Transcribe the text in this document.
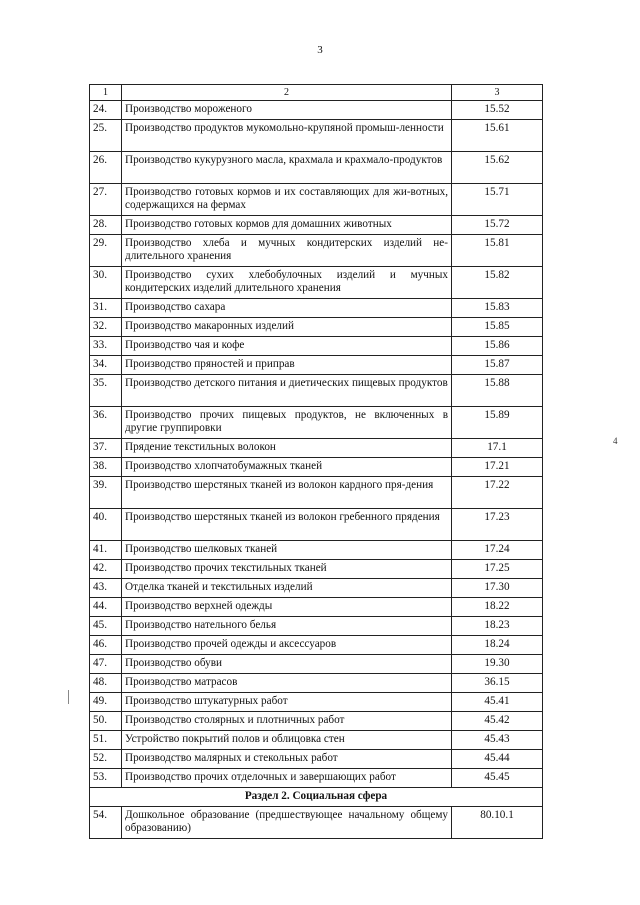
3
4
1	2	3
24.	Производство мороженого	15.52
25.	Производство продуктов мукомольно-крупяной промыш-ленности	15.61
26.	Производство кукурузного масла, крахмала и крахмало-продуктов	15.62
27.	Производство готовых кормов и их составляющих для жи-вотных, содержащихся на фермах	15.71
28.	Производство готовых кормов для домашних животных	15.72
29.	Производство хлеба и мучных кондитерских изделий не-длительного хранения	15.81
30.	Производство сухих хлебобулочных изделий и мучных кондитерских изделий длительного хранения	15.82
31.	Производство сахара	15.83
32.	Производство макаронных изделий	15.85
33.	Производство чая и кофе	15.86
34.	Производство пряностей и приправ	15.87
35.	Производство детского питания и диетических пищевых продуктов	15.88
36.	Производство прочих пищевых продуктов, не включенных в другие группировки	15.89
37.	Прядение текстильных волокон	17.1
38.	Производство хлопчатобумажных тканей	17.21
39.	Производство шерстяных тканей из волокон кардного пря-дения	17.22
40.	Производство шерстяных тканей из волокон гребенного прядения	17.23
41.	Производство шелковых тканей	17.24
42.	Производство прочих текстильных тканей	17.25
43.	Отделка тканей и текстильных изделий	17.30
44.	Производство верхней одежды	18.22
45.	Производство нательного белья	18.23
46.	Производство прочей одежды и аксессуаров	18.24
47.	Производство обуви	19.30
48.	Производство матрасов	36.15
49.	Производство штукатурных работ	45.41
50.	Производство столярных и плотничных работ	45.42
51.	Устройство покрытий полов и облицовка стен	45.43
52.	Производство малярных и стекольных работ	45.44
53.	Производство прочих отделочных и завершающих работ	45.45
Раздел 2. Социальная сфера		
54.	Дошкольное образование (предшествующее начальному общему образованию)	80.10.1
